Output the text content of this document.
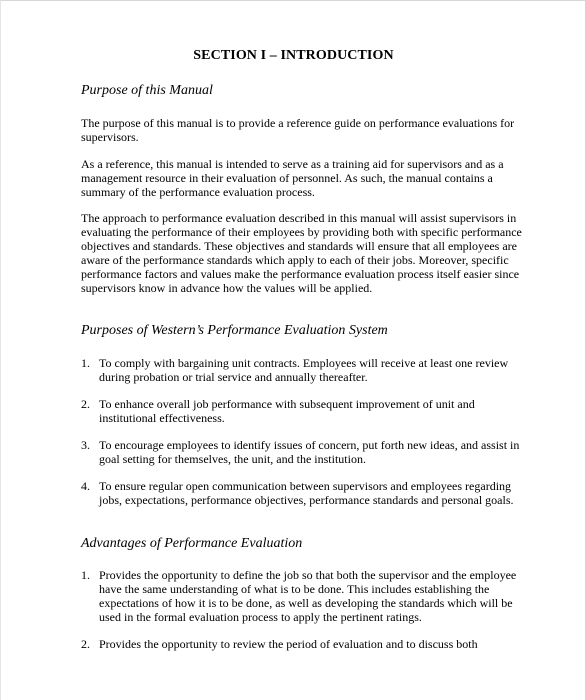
SECTION I – INTRODUCTION
Purpose of this Manual

The purpose of this manual is to provide a reference guide on performance evaluations for supervisors.

As a reference, this manual is intended to serve as a training aid for supervisors and as a management resource in their evaluation of personnel. As such, the manual contains a summary of the performance evaluation process.

The approach to performance evaluation described in this manual will assist supervisors in evaluating the performance of their employees by providing both with specific performance objectives and standards. These objectives and standards will ensure that all employees are aware of the performance standards which apply to each of their jobs. Moreover, specific performance factors and values make the performance evaluation process itself easier since supervisors know in advance how the values will be applied.

Purposes of Western’s Performance Evaluation System
1. To comply with bargaining unit contracts. Employees will receive at least one review during probation or trial service and annually thereafter.
2. To enhance overall job performance with subsequent improvement of unit and institutional effectiveness.
3. To encourage employees to identify issues of concern, put forth new ideas, and assist in goal setting for themselves, the unit, and the institution.
4. To ensure regular open communication between supervisors and employees regarding jobs, expectations, performance objectives, performance standards and personal goals.
Advantages of Performance Evaluation
1. Provides the opportunity to define the job so that both the supervisor and the employee have the same understanding of what is to be done. This includes establishing the expectations of how it is to be done, as well as developing the standards which will be used in the formal evaluation process to apply the pertinent ratings.
2. Provides the opportunity to review the period of evaluation and to discuss both
